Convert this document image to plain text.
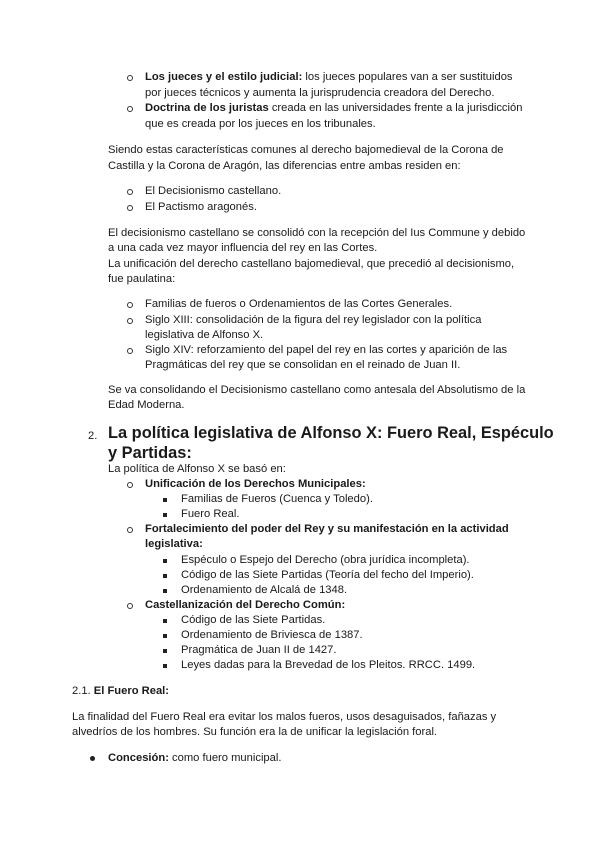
Los jueces y el estilo judicial: los jueces populares van a ser sustituidos
por jueces técnicos y aumenta la jurisprudencia creadora del Derecho.
Doctrina de los juristas creada en las universidades frente a la jurisdicción
que es creada por los jueces en los tribunales.
Siendo estas características comunes al derecho bajomedieval de la Corona de
Castilla y la Corona de Aragón, las diferencias entre ambas residen en:
El Decisionismo castellano.
El Pactismo aragonés.
El decisionismo castellano se consolidó con la recepción del Ius Commune y debido
a una cada vez mayor influencia del rey en las Cortes.
La unificación del derecho castellano bajomedieval, que precedió al decisionismo,
fue paulatina:
Familias de fueros o Ordenamientos de las Cortes Generales.
Siglo XIII: consolidación de la figura del rey legislador con la política
legislativa de Alfonso X.
Siglo XIV: reforzamiento del papel del rey en las cortes y aparición de las
Pragmáticas del rey que se consolidan en el reinado de Juan II.
Se va consolidando el Decisionismo castellano como antesala del Absolutismo de la
Edad Moderna.
2. La política legislativa de Alfonso X: Fuero Real, Espéculo
y Partidas:
La política de Alfonso X se basó en:
Unificación de los Derechos Municipales:
Familias de Fueros (Cuenca y Toledo).
Fuero Real.
Fortalecimiento del poder del Rey y su manifestación en la actividad
legislativa:
Espéculo o Espejo del Derecho (obra jurídica incompleta).
Código de las Siete Partidas (Teoría del fecho del Imperio).
Ordenamiento de Alcalá de 1348.
Castellanización del Derecho Común:
Código de las Siete Partidas.
Ordenamiento de Briviesca de 1387.
Pragmática de Juan II de 1427.
Leyes dadas para la Brevedad de los Pleitos. RRCC. 1499.
2.1. El Fuero Real:
La finalidad del Fuero Real era evitar los malos fueros, usos desaguisados, fañazas y
alvedríos de los hombres. Su función era la de unificar la legislación foral.
Concesión: como fuero municipal.
